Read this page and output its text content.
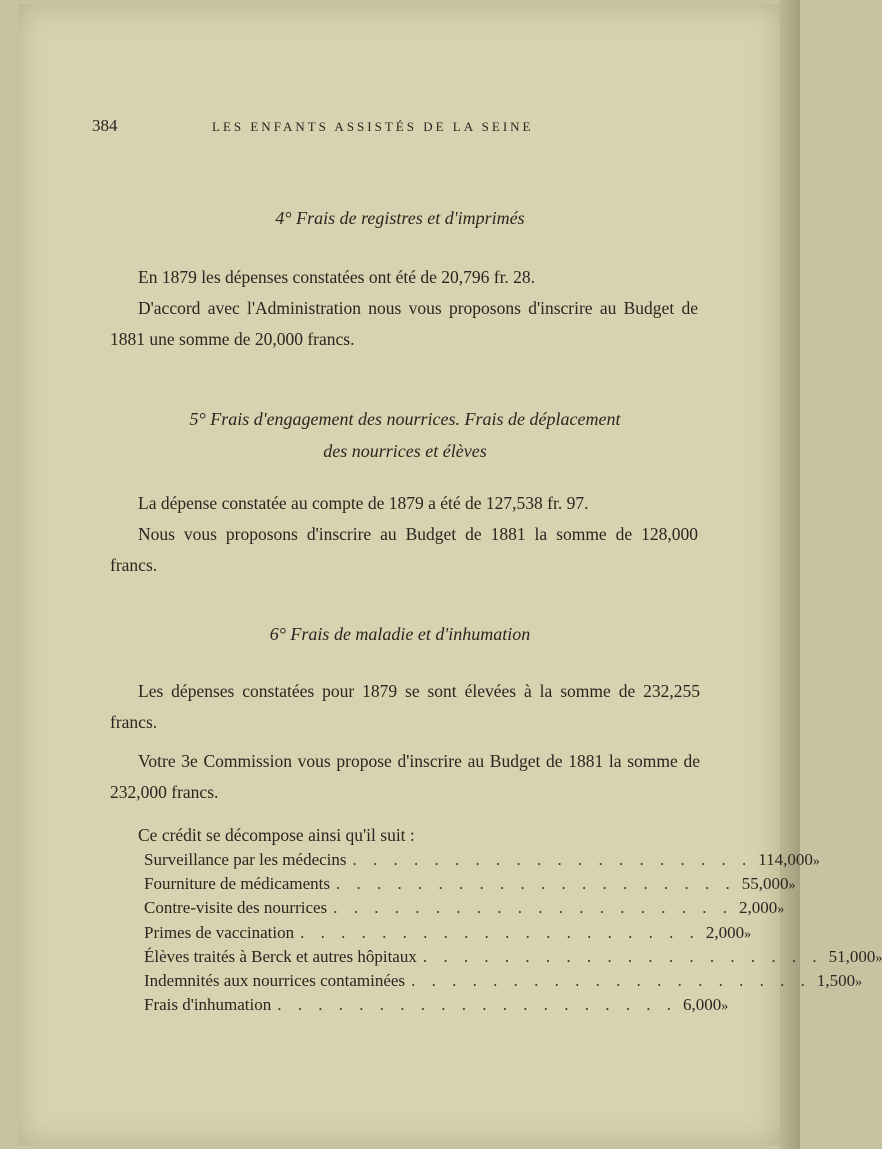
384	LES ENFANTS ASSISTÉS DE LA SEINE
4° Frais de registres et d'imprimés

En 1879 les dépenses constatées ont été de 20,796 fr. 28.

D'accord avec l'Administration nous vous proposons d'inscrire au Budget de 1881 une somme de 20,000 francs.

5° Frais d'engagement des nourrices. Frais de déplacement
des nourrices et élèves

La dépense constatée au compte de 1879 a été de 127,538 fr. 97.

Nous vous proposons d'inscrire au Budget de 1881 la somme de 128,000 francs.

6° Frais de maladie et d'inhumation

Les dépenses constatées pour 1879 se sont élevées à la somme de 232,255 francs.

Votre 3e Commission vous propose d'inscrire au Budget de 1881 la somme de 232,000 francs.

Ce crédit se décompose ainsi qu'il suit :

Surveillance par les médecins . . . . . . . . . . . . . . . . . . . . 114,000 »
Fourniture de médicaments . . . . . . . . . . . . . . . . . . . . 55,000 »
Contre-visite des nourrices . . . . . . . . . . . . . . . . . . . . 2,000 »
Primes de vaccination . . . . . . . . . . . . . . . . . . . . 2,000 »
Élèves traités à Berck et autres hôpitaux . . . . . . . . . . . . . . . . . . . . 51,000 »
Indemnités aux nourrices contaminées . . . . . . . . . . . . . . . . . . . . 1,500 »
Frais d'inhumation . . . . . . . . . . . . . . . . . . . . 6,000 »
